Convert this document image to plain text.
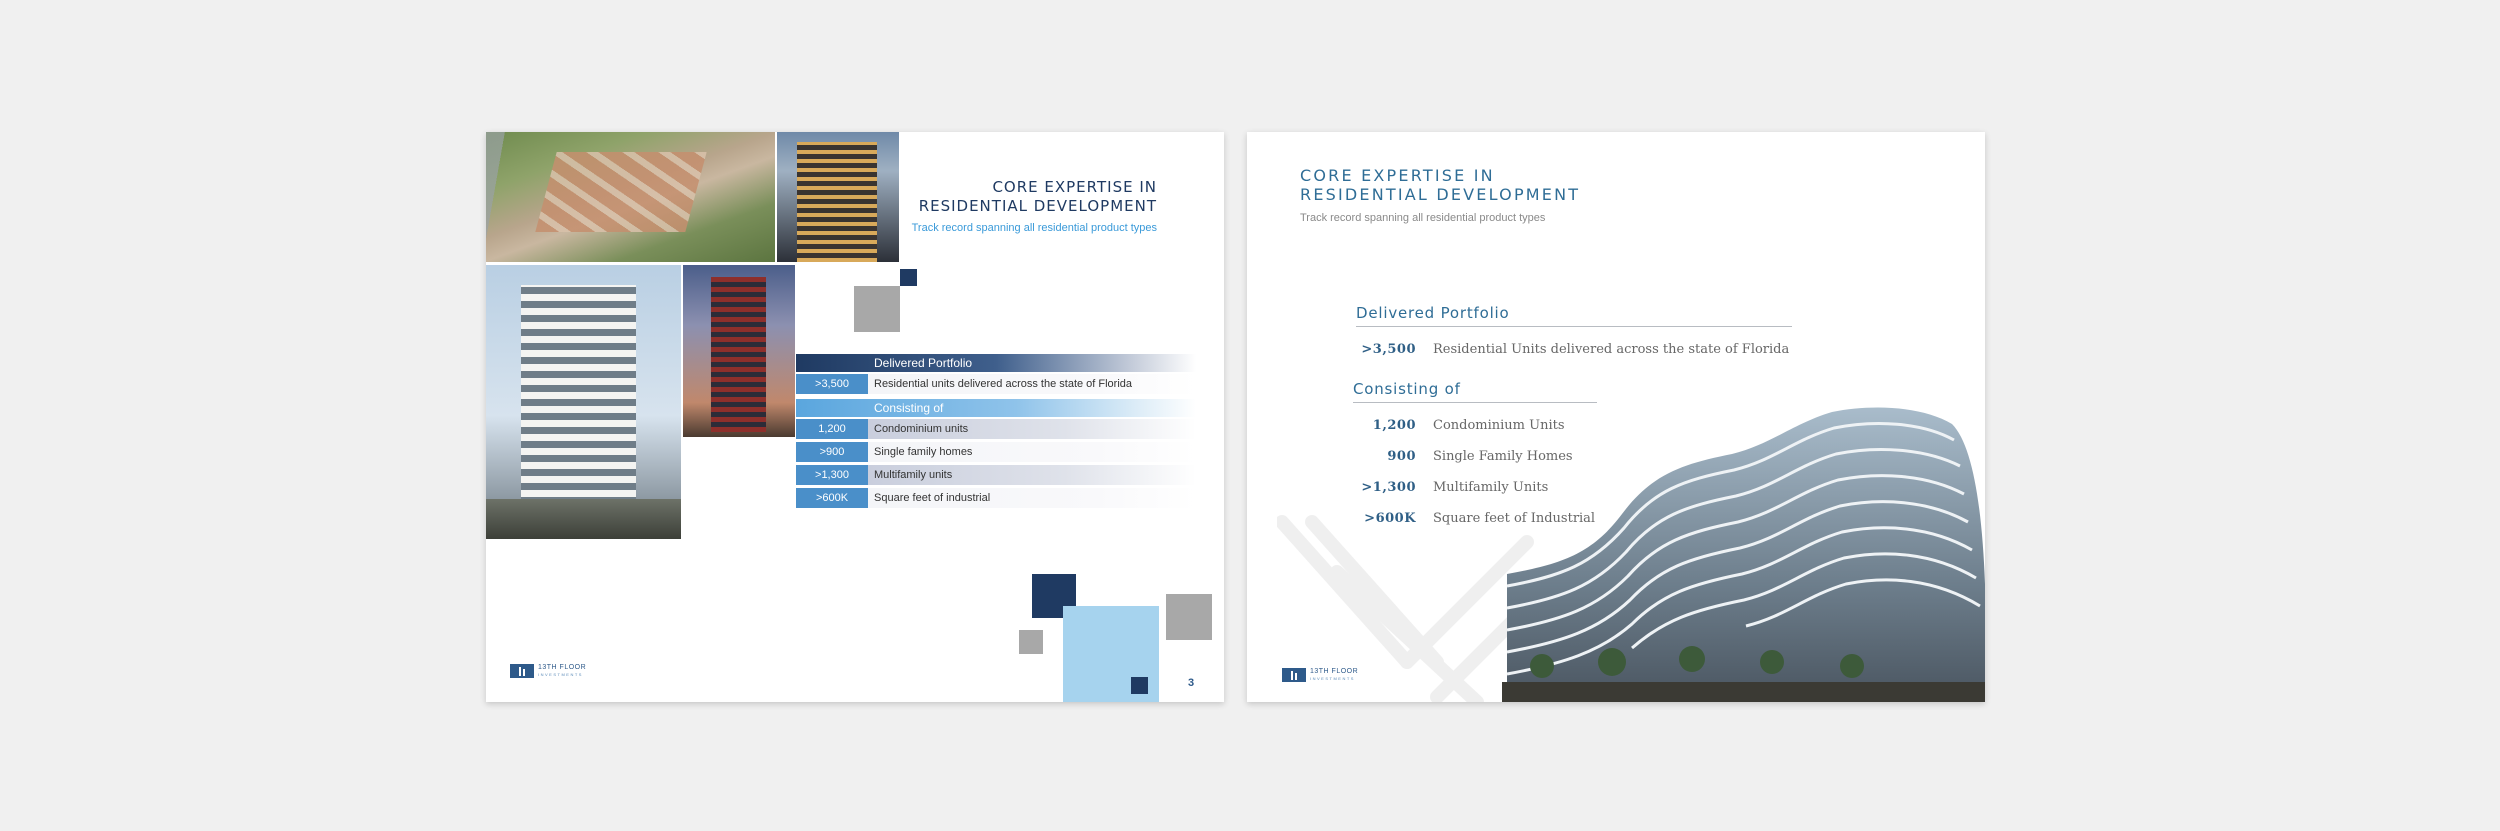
CORE EXPERTISE IN
RESIDENTIAL DEVELOPMENT
Track record spanning all residential product types
Delivered Portfolio
>3,500	Residential units delivered across the state of Florida
Consisting of
1,200	Condominium units
>900	Single family homes
>1,300	Multifamily units
>600K	Square feet of industrial
13TH FLOOR
INVESTMENTS
3
CORE EXPERTISE IN
RESIDENTIAL DEVELOPMENT
Track record spanning all residential product types
Delivered Portfolio
>3,500 Residential Units delivered across the state of Florida
Consisting of
1,200 Condominium Units
900 Single Family Homes
>1,300 Multifamily Units
>600K Square feet of Industrial
13TH FLOOR
INVESTMENTS
